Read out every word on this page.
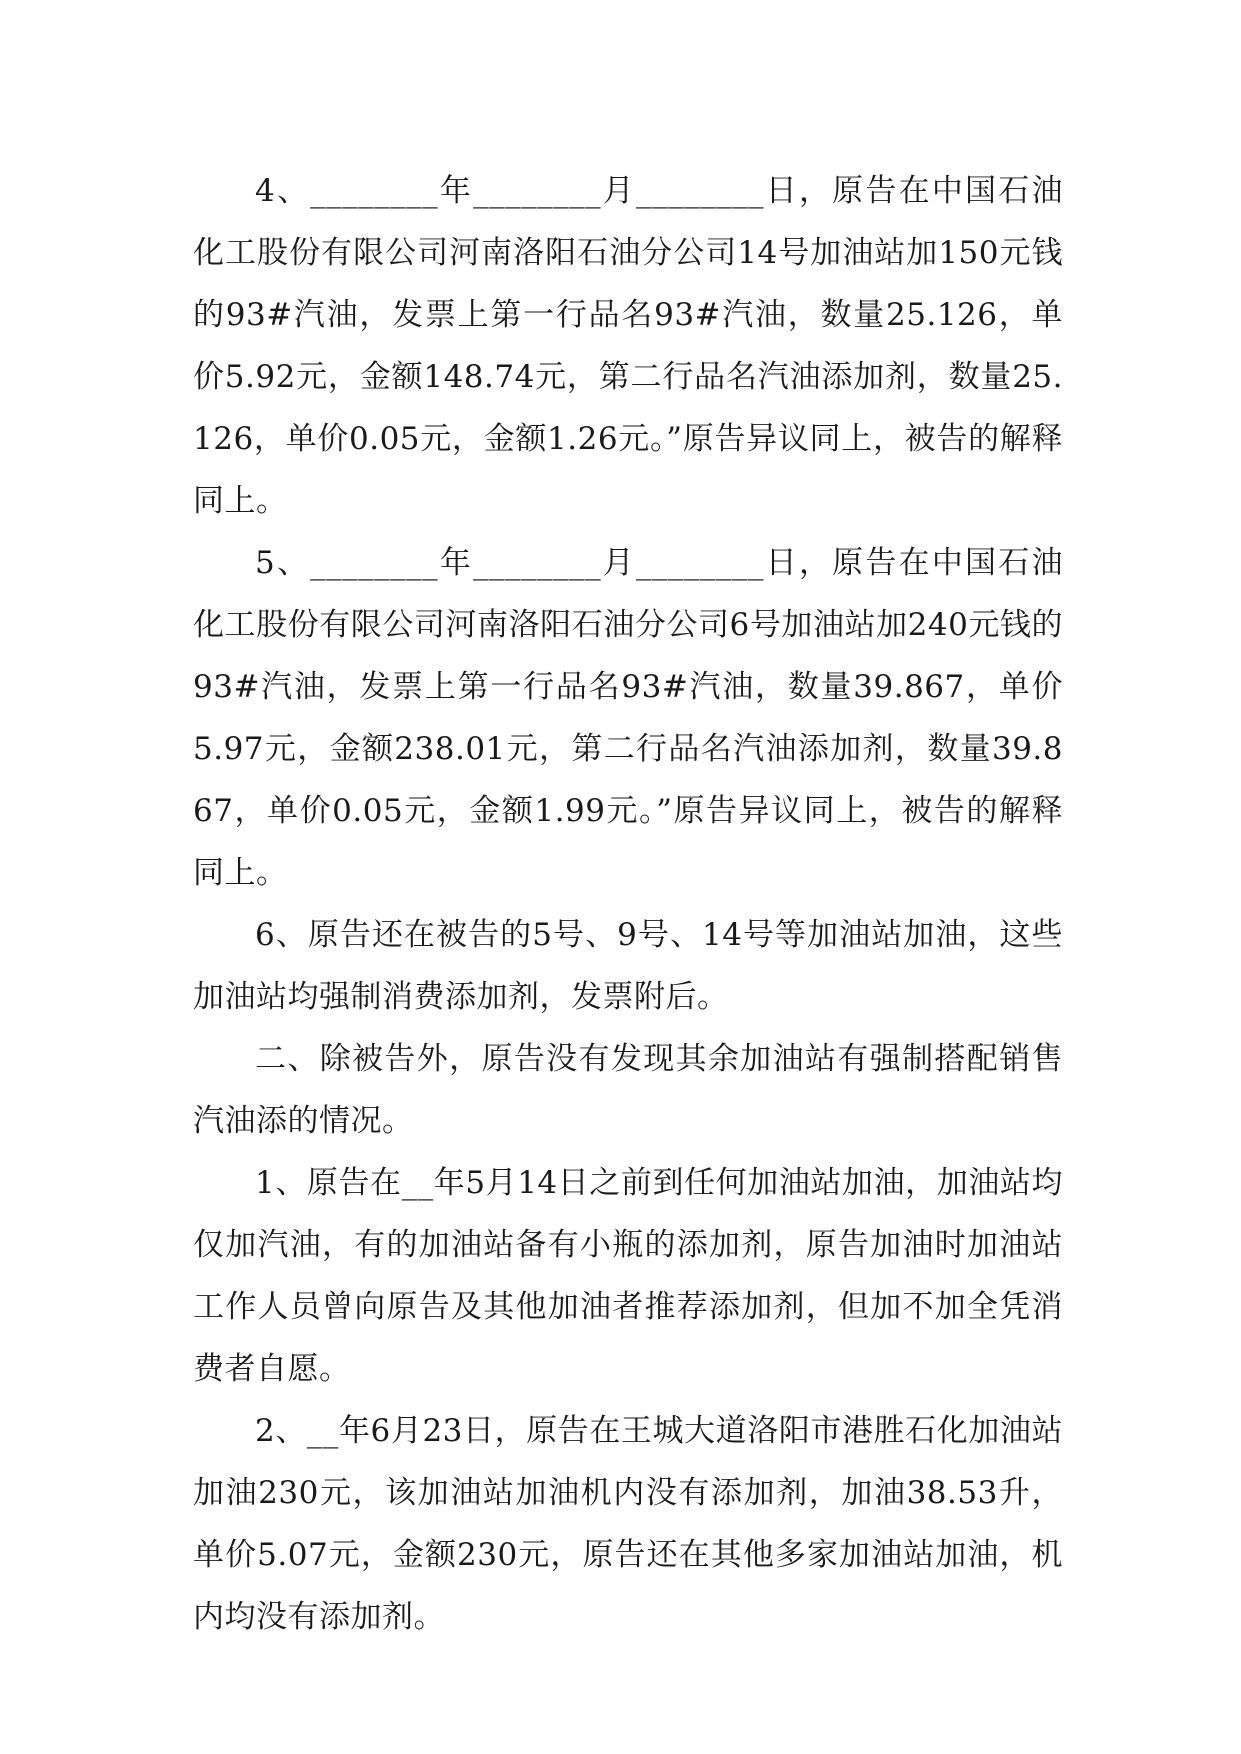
4、________年________月________日，原告在中国石油化工股份有限公司河南洛阳石油分公司14号加油站加150元钱的93#汽油，发票上第一行品名93#汽油，数量25.126，单价5.92元，金额148.74元，第二行品名汽油添加剂，数量25.126，单价0.05元，金额1.26元。”原告异议同上，被告的解释同上。

5、________年________月________日，原告在中国石油化工股份有限公司河南洛阳石油分公司6号加油站加240元钱的93#汽油，发票上第一行品名93#汽油，数量39.867，单价5.97元，金额238.01元，第二行品名汽油添加剂，数量39.867，单价0.05元，金额1.99元。”原告异议同上，被告的解释同上。

6、原告还在被告的5号、9号、14号等加油站加油，这些加油站均强制消费添加剂，发票附后。

二、除被告外，原告没有发现其余加油站有强制搭配销售汽油添的情况。

1、原告在__年5月14日之前到任何加油站加油，加油站均仅加汽油，有的加油站备有小瓶的添加剂，原告加油时加油站工作人员曾向原告及其他加油者推荐添加剂，但加不加全凭消费者自愿。

2、__年6月23日，原告在王城大道洛阳市港胜石化加油站加油230元，该加油站加油机内没有添加剂，加油38.53升，单价5.07元，金额230元，原告还在其他多家加油站加油，机内均没有添加剂。
